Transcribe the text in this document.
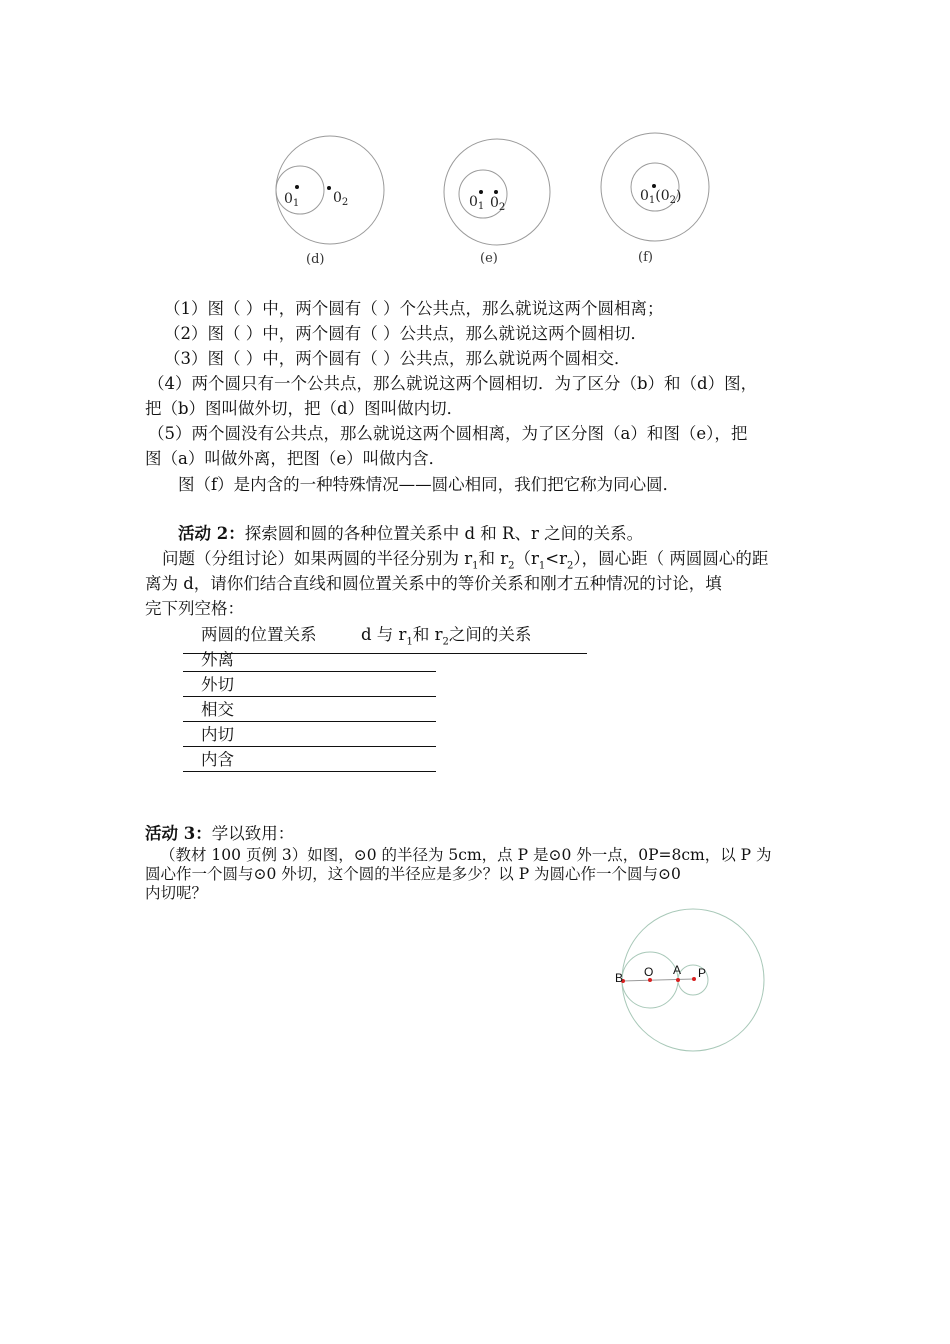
$0_1$ $0_2$
(d)
$0_1$ $0_2$
(e)
$0_1(0_2)$
(f)
B O A P
（1）图（ ）中，两个圆有（ ）个公共点，那么就说这两个圆相离；
（2）图（ ）中，两个圆有（ ）公共点，那么就说这两个圆相切．
（3）图（ ）中，两个圆有（ ）公共点，那么就说两个圆相交．
（4）两个圆只有一个公共点，那么就说这两个圆相切．为了区分（b）和（d）图，
把（b）图叫做外切，把（d）图叫做内切．
（5）两个圆没有公共点，那么就说这两个圆相离，为了区分图（a）和图（e），把
图（a）叫做外离，把图（e）叫做内含．
图（f）是内含的一种特殊情况——圆心相同，我们把它称为同心圆．
活动 2：探索圆和圆的各种位置关系中 d 和 R、r 之间的关系。
问题（分组讨论）如果两圆的半径分别为 $r_1$和 $r_2(r_1<r_2)$，圆心距（ 两圆圆心的距
离为 d，请你们结合直线和圆位置关系中的等价关系和刚才五种情况的讨论，填
完下列空格：
两圆的位置关系	d 与 $r_1$和 $r_2$之间的关系
外离
外切
相交
内切
内含
活动 3：学以致用：
（教材 100 页例 3）如图，⊙0 的半径为 5cm，点 P 是⊙0 外一点，0P=8cm，以 P 为
圆心作一个圆与⊙0 外切，这个圆的半径应是多少？以 P 为圆心作一个圆与⊙0
内切呢？
